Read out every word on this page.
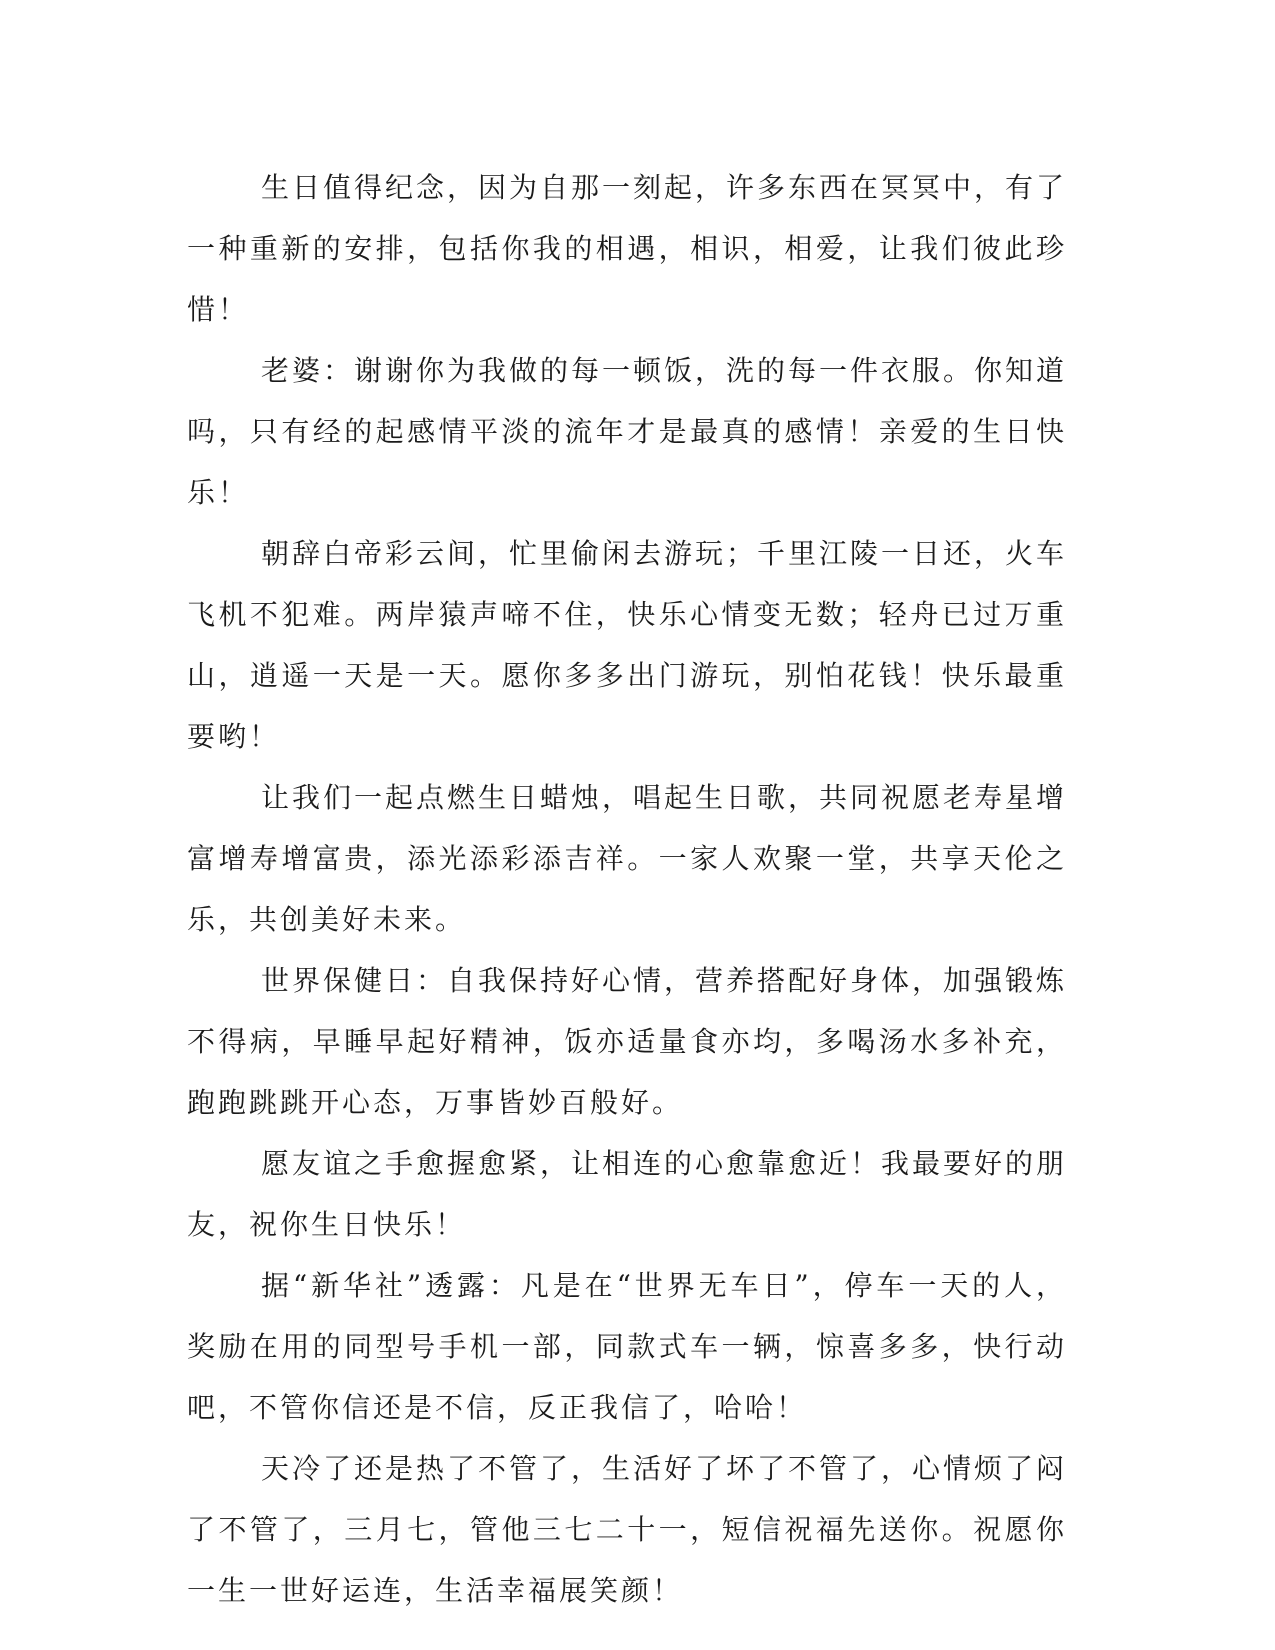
生日值得纪念，因为自那一刻起，许多东西在冥冥中，有了一种重新的安排，包括你我的相遇，相识，相爱，让我们彼此珍惜！

老婆：谢谢你为我做的每一顿饭，洗的每一件衣服。你知道吗，只有经的起感情平淡的流年才是最真的感情！亲爱的生日快乐！

朝辞白帝彩云间，忙里偷闲去游玩；千里江陵一日还，火车飞机不犯难。两岸猿声啼不住，快乐心情变无数；轻舟已过万重山，逍遥一天是一天。愿你多多出门游玩，别怕花钱！快乐最重要哟！

让我们一起点燃生日蜡烛，唱起生日歌，共同祝愿老寿星增富增寿增富贵，添光添彩添吉祥。一家人欢聚一堂，共享天伦之乐，共创美好未来。

世界保健日：自我保持好心情，营养搭配好身体，加强锻炼不得病，早睡早起好精神，饭亦适量食亦均，多喝汤水多补充，跑跑跳跳开心态，万事皆妙百般好。

愿友谊之手愈握愈紧，让相连的心愈靠愈近！我最要好的朋友，祝你生日快乐！

据“新华社”透露：凡是在“世界无车日”，停车一天的人，奖励在用的同型号手机一部，同款式车一辆，惊喜多多，快行动吧，不管你信还是不信，反正我信了，哈哈！

天冷了还是热了不管了，生活好了坏了不管了，心情烦了闷了不管了，三月七，管他三七二十一，短信祝福先送你。祝愿你一生一世好运连，生活幸福展笑颜！
